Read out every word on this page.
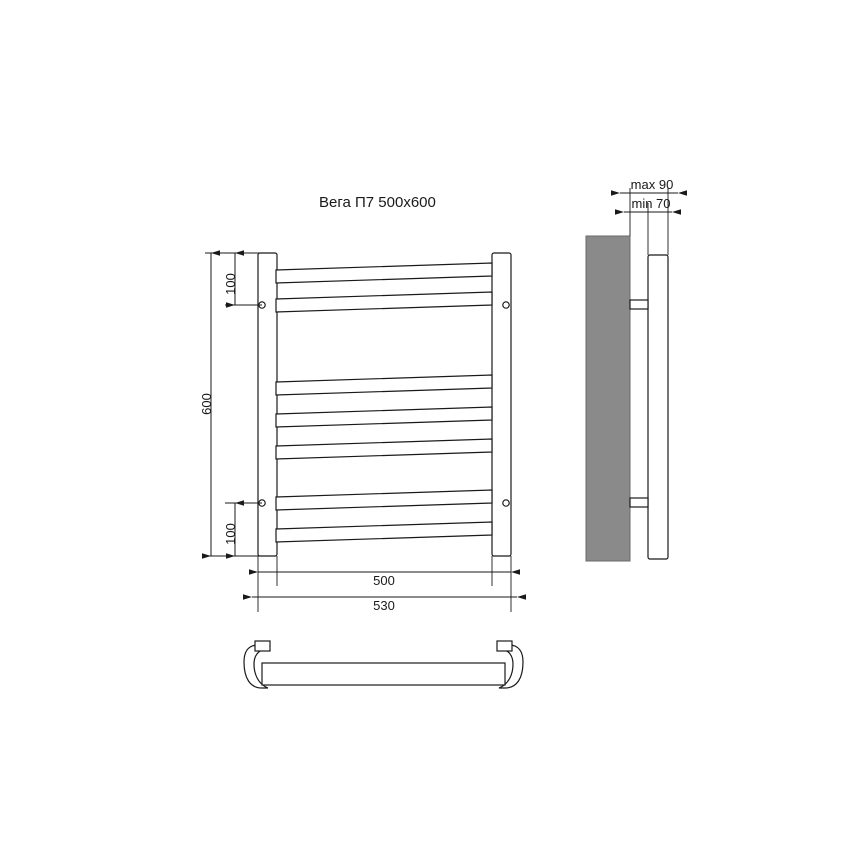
Вега П7 500x600
100
600
100
500
530
max 90
min 70
